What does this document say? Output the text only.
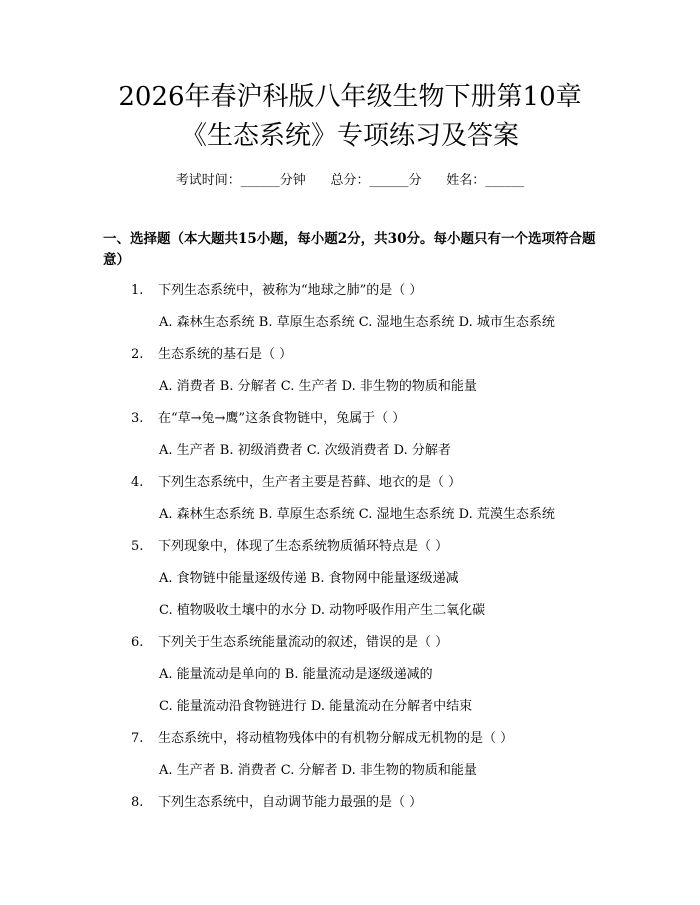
2026年春沪科版八年级生物下册第10章
《生态系统》专项练习及答案
考试时间：______分钟      总分：______分      姓名：______
一、选择题（本大题共15小题，每小题2分，共30分。每小题只有一个选项符合题意）
1. 下列生态系统中，被称为“地球之肺”的是（ ）
A. 森林生态系统 B. 草原生态系统 C. 湿地生态系统 D. 城市生态系统
2. 生态系统的基石是（ ）
A. 消费者 B. 分解者 C. 生产者 D. 非生物的物质和能量
3. 在“草→兔→鹰”这条食物链中，兔属于（ ）
A. 生产者 B. 初级消费者 C. 次级消费者 D. 分解者
4. 下列生态系统中，生产者主要是苔藓、地衣的是（ ）
A. 森林生态系统 B. 草原生态系统 C. 湿地生态系统 D. 荒漠生态系统
5. 下列现象中，体现了生态系统物质循环特点是（ ）
A. 食物链中能量逐级传递 B. 食物网中能量逐级递减
C. 植物吸收土壤中的水分 D. 动物呼吸作用产生二氧化碳
6. 下列关于生态系统能量流动的叙述，错误的是（ ）
A. 能量流动是单向的 B. 能量流动是逐级递减的
C. 能量流动沿食物链进行 D. 能量流动在分解者中结束
7. 生态系统中，将动植物残体中的有机物分解成无机物的是（ ）
A. 生产者 B. 消费者 C. 分解者 D. 非生物的物质和能量
8. 下列生态系统中，自动调节能力最强的是（ ）
